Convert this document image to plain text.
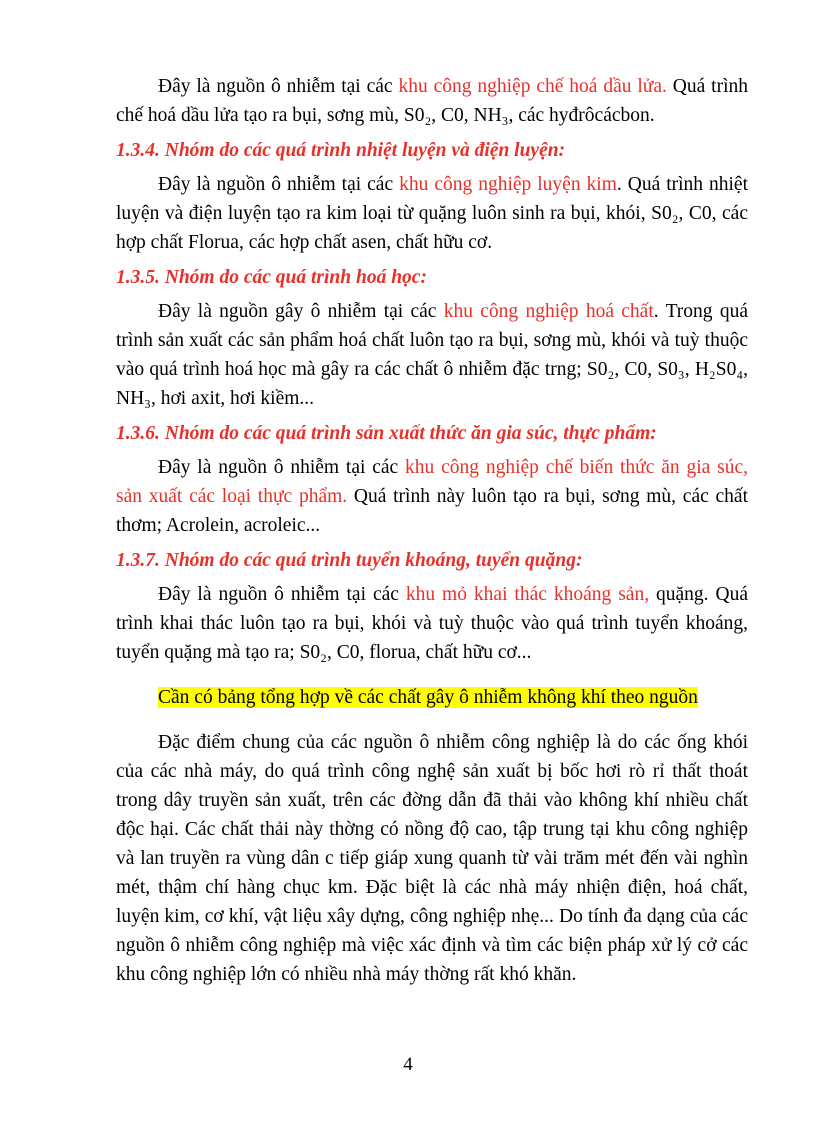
Đây là nguồn ô nhiễm tại các khu công nghiệp chế hoá dầu lửa. Quá trình chế hoá dầu lửa tạo ra bụi, sơng mù, S0₂, C0, NH₃, các hyđrôcácbon.

1.3.4. Nhóm do các quá trình nhiệt luyện và điện luyện:

Đây là nguồn ô nhiễm tại các khu công nghiệp luyện kim. Quá trình nhiệt luyện và điện luyện tạo ra kim loại từ quặng luôn sinh ra bụi, khói, S0₂, C0, các hợp chất Florua, các hợp chất asen, chất hữu cơ.

1.3.5. Nhóm do các quá trình hoá học:

Đây là nguồn gây ô nhiễm tại các khu công nghiệp hoá chất. Trong quá trình sản xuất các sản phẩm hoá chất luôn tạo ra bụi, sơng mù, khói và tuỳ thuộc vào quá trình hoá học mà gây ra các chất ô nhiễm đặc trng; S0₂, C0, S0₃, H₂S0₄, NH₃, hơi axit, hơi kiềm...

1.3.6. Nhóm do các quá trình sản xuất thức ăn gia súc, thực phẩm:

Đây là nguồn ô nhiễm tại các khu công nghiệp chế biến thức ăn gia súc, sản xuất các loại thực phẩm. Quá trình này luôn tạo ra bụi, sơng mù, các chất thơm; Acrolein, acroleic...

1.3.7. Nhóm do các quá trình tuyển khoáng, tuyển quặng:

Đây là nguồn ô nhiễm tại các khu mỏ khai thác khoáng sản, quặng. Quá trình khai thác luôn tạo ra bụi, khói và tuỳ thuộc vào quá trình tuyển khoáng, tuyển quặng mà tạo ra; S0₂, C0, florua, chất hữu cơ...

Cần có bảng tổng hợp về các chất gây ô nhiễm không khí theo nguồn

Đặc điểm chung của các nguồn ô nhiễm công nghiệp là do các ống khói của các nhà máy, do quá trình công nghệ sản xuất bị bốc hơi rò rỉ thất thoát trong dây truyền sản xuất, trên các đờng dẫn đã thải vào không khí nhiều chất độc hại. Các chất thải này thờng có nồng độ cao, tập trung tại khu công nghiệp và lan truyền ra vùng dân c tiếp giáp xung quanh từ vài trăm mét đến vài nghìn mét, thậm chí hàng chục km. Đặc biệt là các nhà máy nhiện điện, hoá chất, luyện kim, cơ khí, vật liệu xây dựng, công nghiệp nhẹ... Do tính đa dạng của các nguồn ô nhiễm công nghiệp mà việc xác định và tìm các biện pháp xử lý cở các khu công nghiệp lớn có nhiều nhà máy thờng rất khó khăn.

4
